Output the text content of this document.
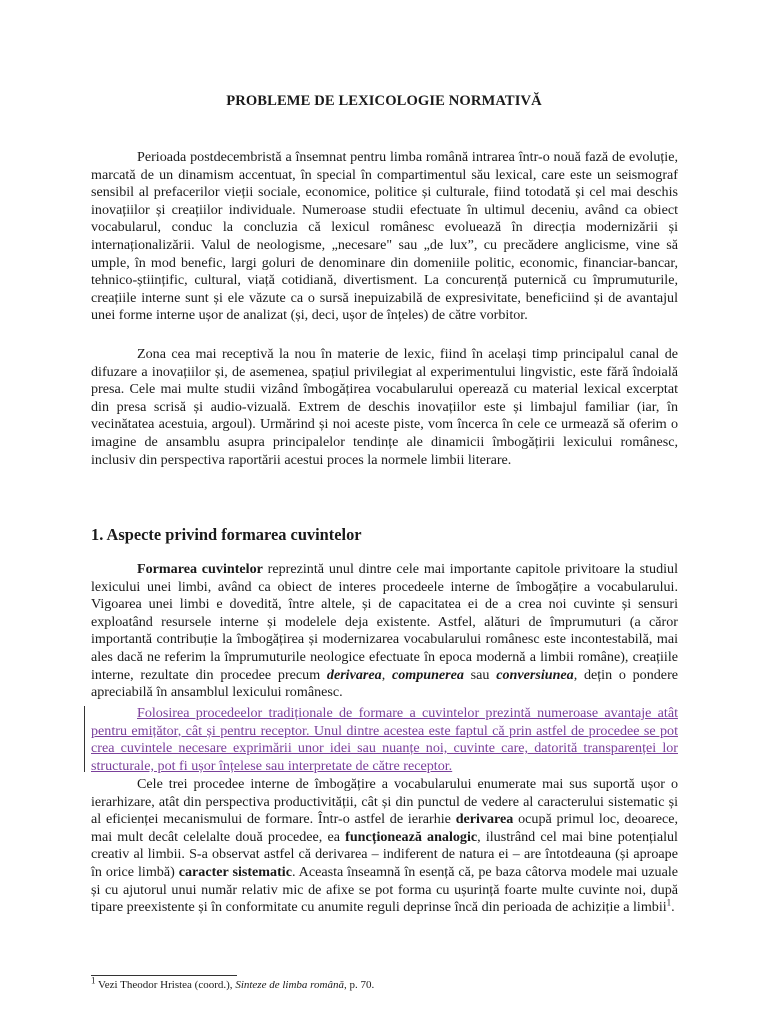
PROBLEME DE LEXICOLOGIE NORMATIVĂ

Perioada postdecembristă a însemnat pentru limba română intrarea într-o nouă fază de evoluție, marcată de un dinamism accentuat, în special în compartimentul său lexical, care este un seismograf sensibil al prefacerilor vieții sociale, economice, politice și culturale, fiind totodată și cel mai deschis inovațiilor și creațiilor individuale. Numeroase studii efectuate în ultimul deceniu, având ca obiect vocabularul, conduc la concluzia că lexicul românesc evoluează în direcția modernizării și internaționalizării. Valul de neologisme, „necesare" sau „de lux”, cu precădere anglicisme, vine să umple, în mod benefic, largi goluri de denominare din domeniile politic, economic, financiar-bancar, tehnico-științific, cultural, viață cotidiană, divertisment. La concurență puternică cu împrumuturile, creațiile interne sunt și ele văzute ca o sursă inepuizabilă de expresivitate, beneficiind și de avantajul unei forme interne ușor de analizat (și, deci, ușor de înțeles) de către vorbitor.

Zona cea mai receptivă la nou în materie de lexic, fiind în același timp principalul canal de difuzare a inovațiilor și, de asemenea, spațiul privilegiat al experimentului lingvistic, este fără îndoială presa. Cele mai multe studii vizând îmbogățirea vocabularului operează cu material lexical excerptat din presa scrisă și audio-vizuală. Extrem de deschis inovațiilor este și limbajul familiar (iar, în vecinătatea acestuia, argoul). Urmărind și noi aceste piste, vom încerca în cele ce urmează să oferim o imagine de ansamblu asupra principalelor tendințe ale dinamicii îmbogățirii lexicului românesc, inclusiv din perspectiva raportării acestui proces la normele limbii literare.

1. Aspecte privind formarea cuvintelor

Formarea cuvintelor reprezintă unul dintre cele mai importante capitole privitoare la studiul lexicului unei limbi, având ca obiect de interes procedeele interne de îmbogățire a vocabularului. Vigoarea unei limbi e dovedită, între altele, și de capacitatea ei de a crea noi cuvinte și sensuri exploatând resursele interne și modelele deja existente. Astfel, alături de împrumuturi (a căror importantă contribuție la îmbogățirea și modernizarea vocabularului românesc este incontestabilă, mai ales dacă ne referim la împrumuturile neologice efectuate în epoca modernă a limbii române), creațiile interne, rezultate din procedee precum derivarea, compunerea sau conversiunea, dețin o pondere apreciabilă în ansamblul lexicului românesc.

Folosirea procedeelor tradiționale de formare a cuvintelor prezintă numeroase avantaje atât pentru emițător, cât și pentru receptor. Unul dintre acestea este faptul că prin astfel de procedee se pot crea cuvintele necesare exprimării unor idei sau nuanțe noi, cuvinte care, datorită transparenței lor structurale, pot fi ușor înțelese sau interpretate de către receptor.

Cele trei procedee interne de îmbogățire a vocabularului enumerate mai sus suportă ușor o ierarhizare, atât din perspectiva productivității, cât și din punctul de vedere al caracterului sistematic și al eficienței mecanismului de formare. Într-o astfel de ierarhie derivarea ocupă primul loc, deoarece, mai mult decât celelalte două procedee, ea funcționează analogic, ilustrând cel mai bine potențialul creativ al limbii. S-a observat astfel că derivarea – indiferent de natura ei – are întotdeauna (și aproape în orice limbă) caracter sistematic. Aceasta înseamnă în esență că, pe baza câtorva modele mai uzuale și cu ajutorul unui număr relativ mic de afixe se pot forma cu ușurință foarte multe cuvinte noi, după tipare preexistente și în conformitate cu anumite reguli deprinse încă din perioada de achiziție a limbii$^1$.

$^1$ Vezi Theodor Hristea (coord.), Sinteze de limba română, p. 70.
